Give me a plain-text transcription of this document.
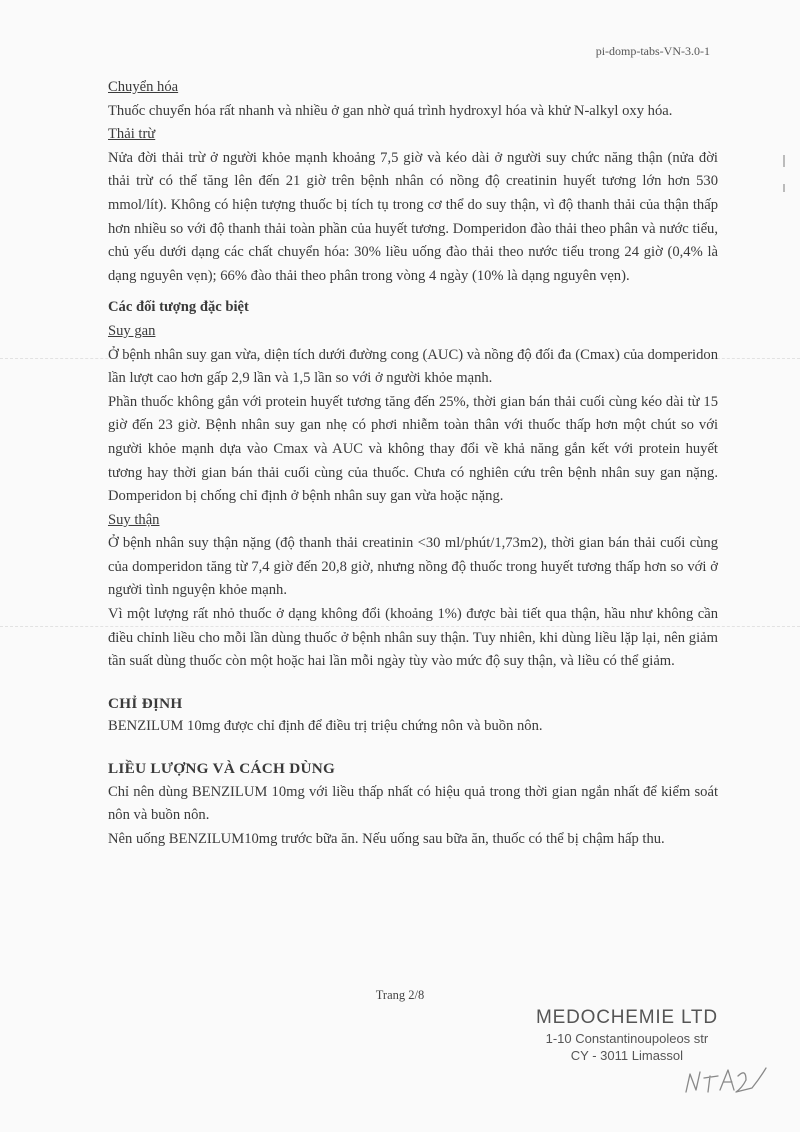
pi-domp-tabs-VN-3.0-1

Chuyển hóa

Thuốc chuyển hóa rất nhanh và nhiều ở gan nhờ quá trình hydroxyl hóa và khử N-alkyl oxy hóa.

Thải trừ

Nửa đời thải trừ ở người khỏe mạnh khoảng 7,5 giờ và kéo dài ở người suy chức năng thận (nửa đời thải trừ có thể tăng lên đến 21 giờ trên bệnh nhân có nồng độ creatinin huyết tương lớn hơn 530 mmol/lít). Không có hiện tượng thuốc bị tích tụ trong cơ thể do suy thận, vì độ thanh thải của thận thấp hơn nhiều so với độ thanh thải toàn phần của huyết tương. Domperidon đào thải theo phân và nước tiểu, chủ yếu dưới dạng các chất chuyển hóa: 30% liều uống đào thải theo nước tiểu trong 24 giờ (0,4% là dạng nguyên vẹn); 66% đào thải theo phân trong vòng 4 ngày (10% là dạng nguyên vẹn).

Các đối tượng đặc biệt

Suy gan

Ở bệnh nhân suy gan vừa, diện tích dưới đường cong (AUC) và nồng độ đối đa (Cmax) của domperidon lần lượt cao hơn gấp 2,9 lần và 1,5 lần so với ở người khỏe mạnh.

Phần thuốc không gắn với protein huyết tương tăng đến 25%, thời gian bán thải cuối cùng kéo dài từ 15 giờ đến 23 giờ. Bệnh nhân suy gan nhẹ có phơi nhiễm toàn thân với thuốc thấp hơn một chút so với người khỏe mạnh dựa vào Cmax và AUC và không thay đổi về khả năng gắn kết với protein huyết tương hay thời gian bán thải cuối cùng của thuốc. Chưa có nghiên cứu trên bệnh nhân suy gan nặng. Domperidon bị chống chỉ định ở bệnh nhân suy gan vừa hoặc nặng.

Suy thận

Ở bệnh nhân suy thận nặng (độ thanh thải creatinin <30 ml/phút/1,73m2), thời gian bán thải cuối cùng của domperidon tăng từ 7,4 giờ đến 20,8 giờ, nhưng nồng độ thuốc trong huyết tương thấp hơn so với ở người tình nguyện khỏe mạnh.

Vì một lượng rất nhỏ thuốc ở dạng không đổi (khoảng 1%) được bài tiết qua thận, hầu như không cần điều chỉnh liều cho mỗi lần dùng thuốc ở bệnh nhân suy thận. Tuy nhiên, khi dùng liều lặp lại, nên giảm tần suất dùng thuốc còn một hoặc hai lần mỗi ngày tùy vào mức độ suy thận, và liều có thể giảm.

CHỈ ĐỊNH

BENZILUM 10mg được chỉ định để điều trị triệu chứng nôn và buồn nôn.

LIỀU LƯỢNG VÀ CÁCH DÙNG

Chỉ nên dùng BENZILUM 10mg với liều thấp nhất có hiệu quả trong thời gian ngắn nhất để kiểm soát nôn và buồn nôn.

Nên uống BENZILUM10mg trước bữa ăn. Nếu uống sau bữa ăn, thuốc có thể bị chậm hấp thu.

Trang 2/8
MEDOCHEMIE LTD
1-10 Constantinoupoleos str
CY - 3011 Limassol
